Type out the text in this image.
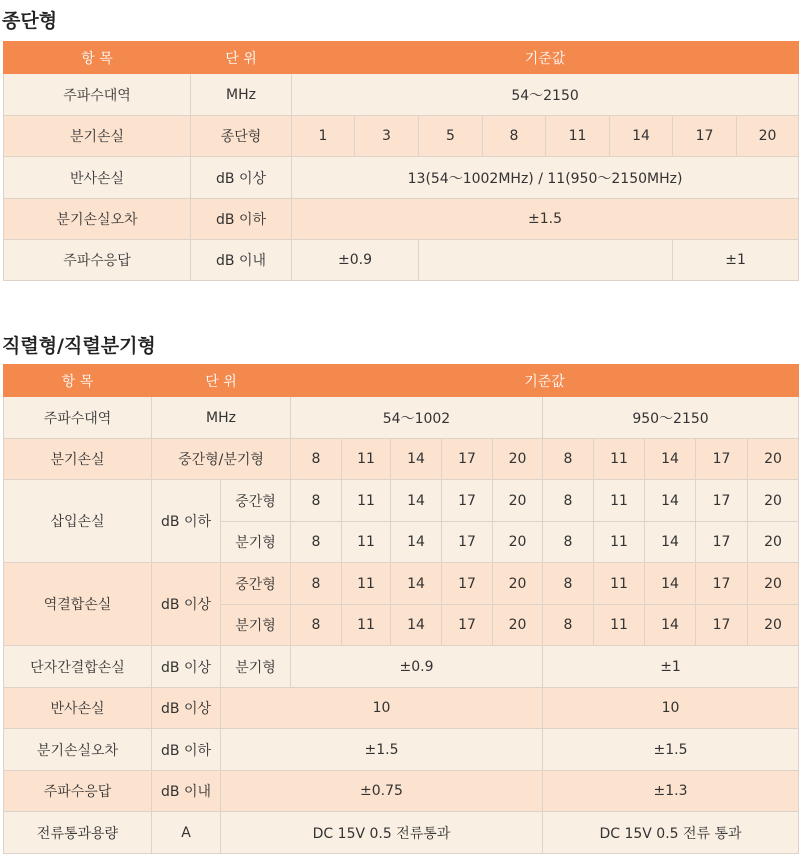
종단형
항 목	단 위	기준값							
주파수대역	MHz	54～2150							
분기손실	종단형	1	3	5	8	11	14	17	20
반사손실	dB 이상	13(54～1002MHz) / 11(950～2150MHz)							
분기손실오차	dB 이하	±1.5							
주파수응답	dB 이내	±0.9						±1	
직렬형/직렬분기형
항 목	단 위		기준값									
주파수대역	MHz		54～1002					950～2150				
분기손실	중간형/분기형		8	11	14	17	20	8	11	14	17	20
삽입손실	dB 이하	중간형	8	11	14	17	20	8	11	14	17	20
		분기형	8	11	14	17	20	8	11	14	17	20
역결합손실	dB 이상	중간형	8	11	14	17	20	8	11	14	17	20
		분기형	8	11	14	17	20	8	11	14	17	20
단자간결합손실	dB 이상	분기형	±0.9					±1				
반사손실	dB 이상	10						10				
분기손실오차	dB 이하	±1.5						±1.5				
주파수응답	dB 이내	±0.75						±1.3				
전류통과용량	A	DC 15V 0.5 전류통과						DC 15V 0.5 전류 통과				
